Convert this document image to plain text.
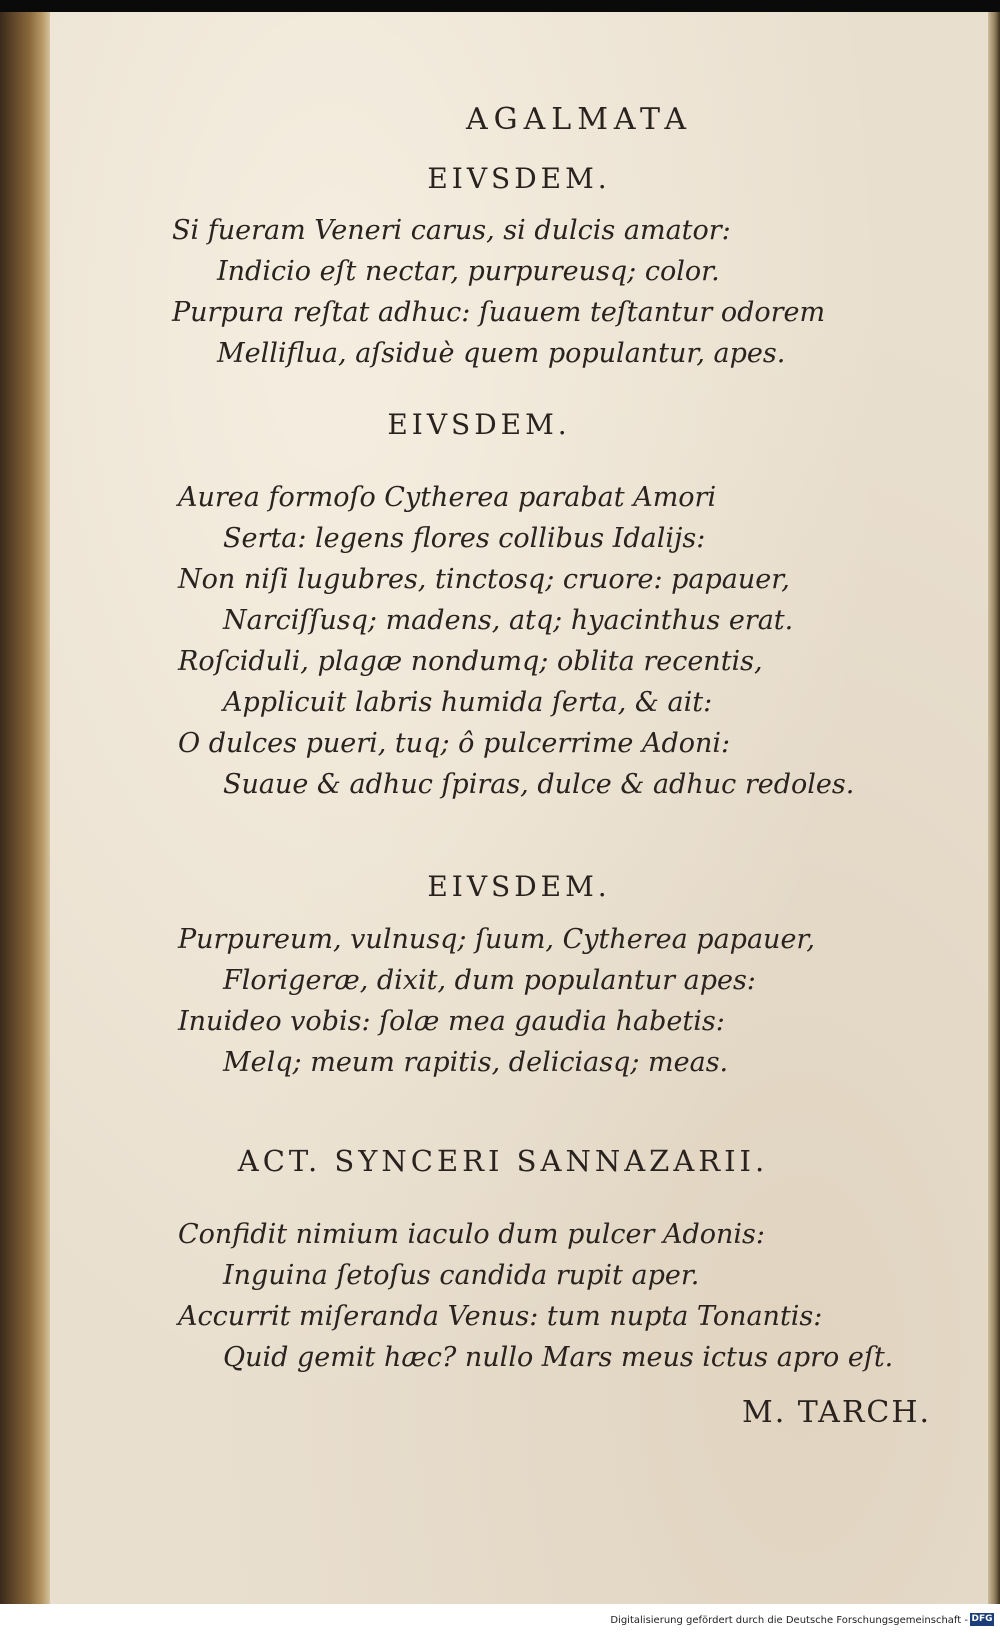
AGALMATA
EIVSDEM.
Si fueram Veneri carus, si dulcis amator:
Indicio eſt nectar, purpureusq; color.
Purpura reſtat adhuc: ſuauem teſtantur odorem
Melliflua, aſsiduè quem populantur, apes.
EIVSDEM.
Aurea formoſo Cytherea parabat Amori
Serta: legens flores collibus Idalijs:
Non niſi lugubres, tinctosq; cruore: papauer,
Narciſſusq; madens, atq; hyacinthus erat.
Roſciduli, plagæ nondumq; oblita recentis,
Applicuit labris humida ſerta, & ait:
O dulces pueri, tuq; ô pulcerrime Adoni:
Suaue & adhuc ſpiras, dulce & adhuc redoles.
EIVSDEM.
Purpureum, vulnusq; ſuum, Cytherea papauer,
Florigeræ, dixit, dum populantur apes:
Inuideo vobis: ſolæ mea gaudia habetis:
Melq; meum rapitis, deliciasq; meas.
ACT. SYNCERI SANNAZARII.
Confidit nimium iaculo dum pulcer Adonis:
Inguina ſetoſus candida rupit aper.
Accurrit miſeranda Venus: tum nupta Tonantis:
Quid gemit hæc? nullo Mars meus ictus apro eſt.
M. TARCH.
Digitalisierung gefördert durch die Deutsche Forschungsgemeinschaft - DFG
